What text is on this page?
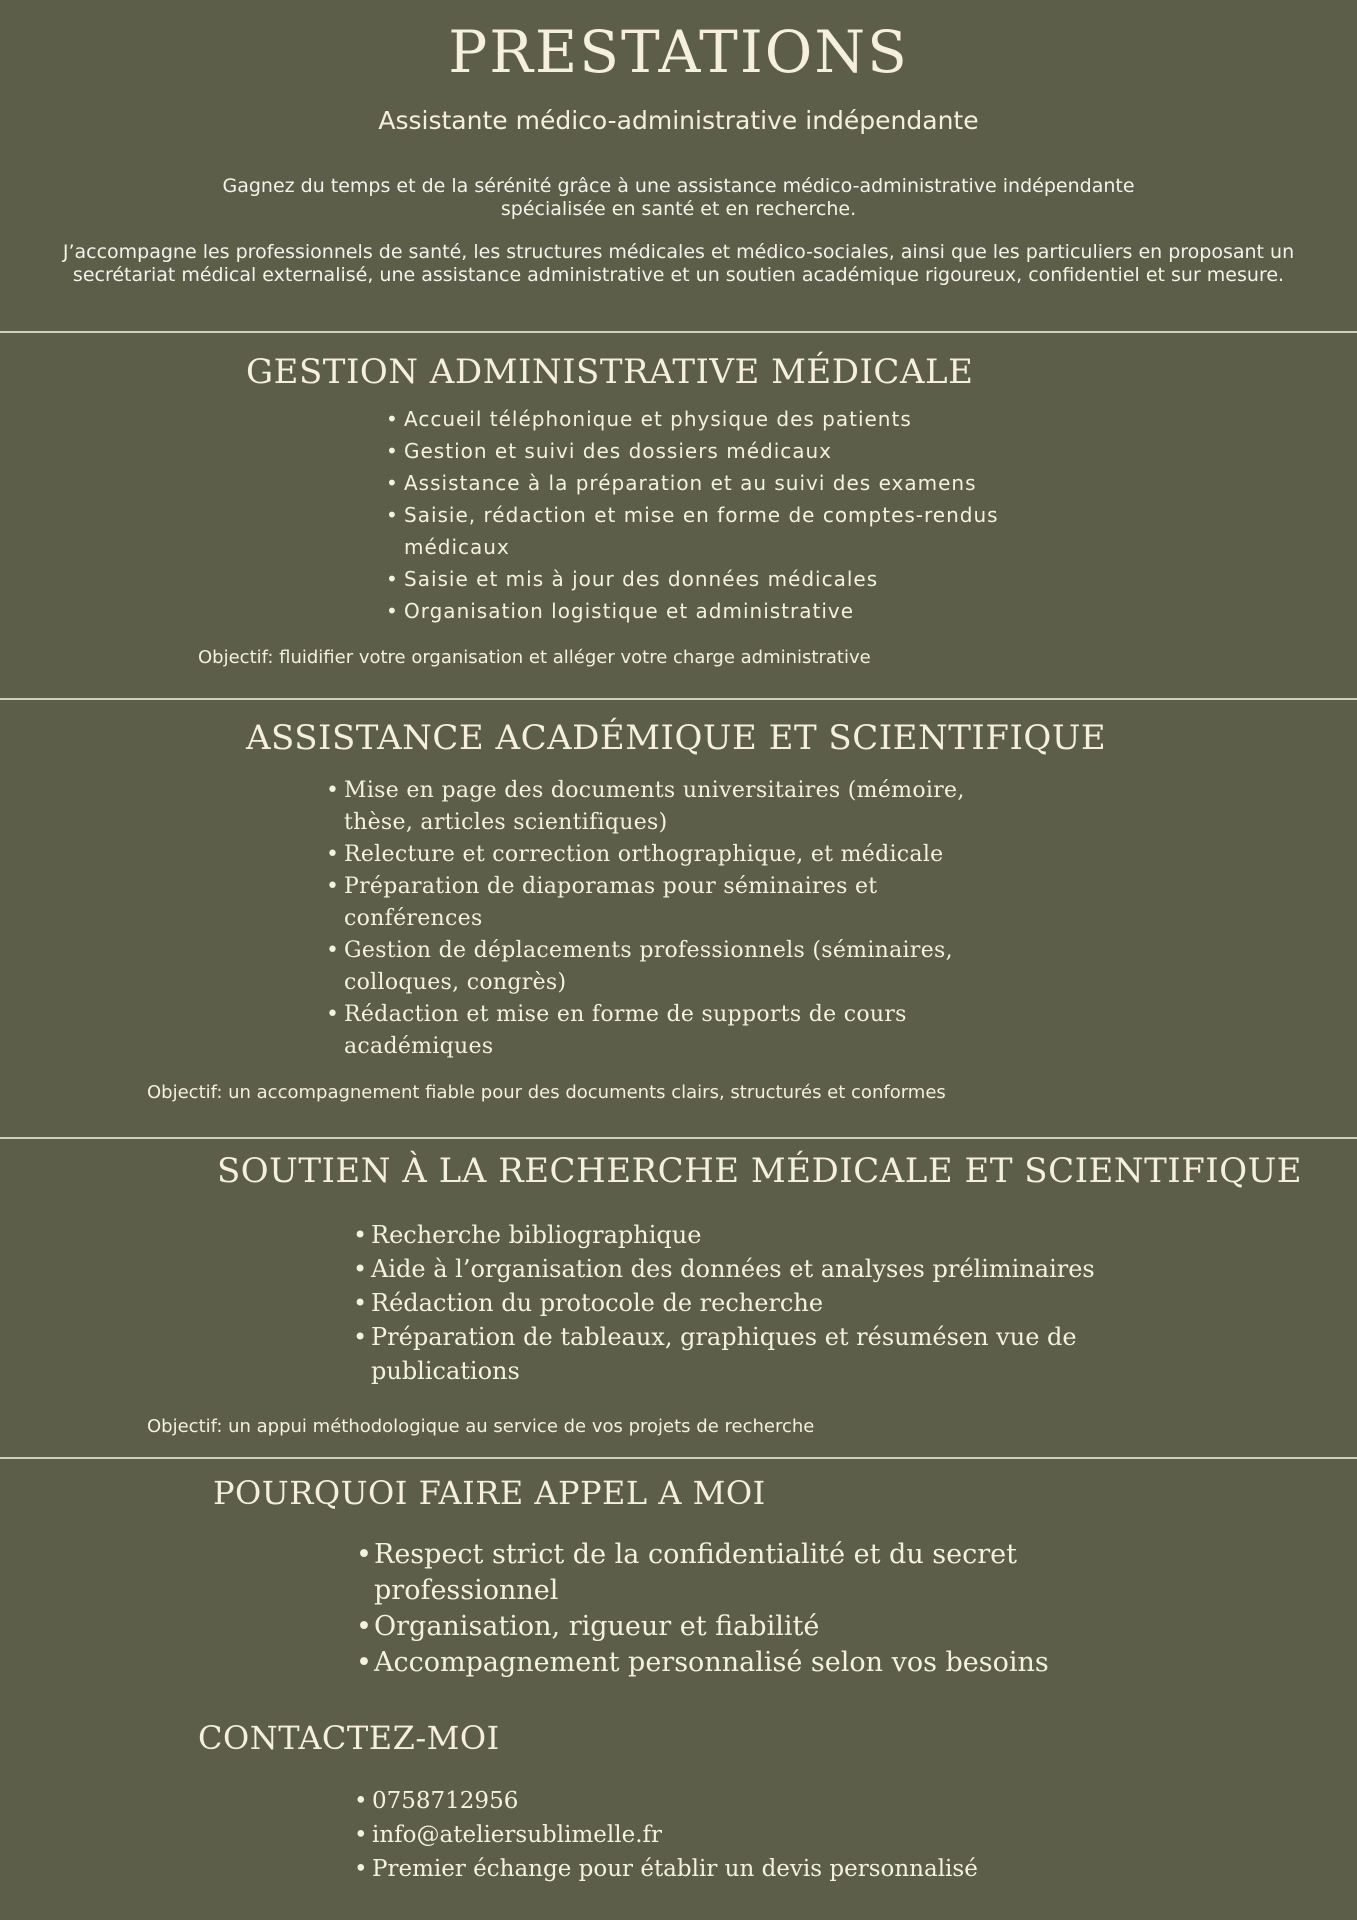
PRESTATIONS
Assistante médico-administrative indépendante
Gagnez du temps et de la sérénité grâce à une assistance médico-administrative indépendante spécialisée en santé et en recherche.
J’accompagne les professionnels de santé, les structures médicales et médico-sociales, ainsi que les particuliers en proposant un secrétariat médical externalisé, une assistance administrative et un soutien académique rigoureux, confidentiel et sur mesure.
GESTION ADMINISTRATIVE MÉDICALE
• Accueil téléphonique et physique des patients
• Gestion et suivi des dossiers médicaux
• Assistance à la préparation et au suivi des examens
• Saisie, rédaction et mise en forme de comptes-rendus médicaux
• Saisie et mis à jour des données médicales
• Organisation logistique et administrative
Objectif: fluidifier votre organisation et alléger votre charge administrative
ASSISTANCE ACADÉMIQUE ET SCIENTIFIQUE
• Mise en page des documents universitaires (mémoire, thèse, articles scientifiques)
• Relecture et correction orthographique, et médicale
• Préparation de diaporamas pour séminaires et conférences
• Gestion de déplacements professionnels (séminaires, colloques, congrès)
• Rédaction et mise en forme de supports de cours académiques
Objectif: un accompagnement fiable pour des documents clairs, structurés et conformes
SOUTIEN À LA RECHERCHE MÉDICALE ET SCIENTIFIQUE
• Recherche bibliographique
• Aide à l’organisation des données et analyses préliminaires
• Rédaction du protocole de recherche
• Préparation de tableaux, graphiques et résumésen vue de publications
Objectif: un appui méthodologique au service de vos projets de recherche
POURQUOI FAIRE APPEL A MOI
• Respect strict de la confidentialité et du secret professionnel
• Organisation, rigueur et fiabilité
• Accompagnement personnalisé selon vos besoins
CONTACTEZ-MOI
• 0758712956
• info@ateliersublimelle.fr
• Premier échange pour établir un devis personnalisé
